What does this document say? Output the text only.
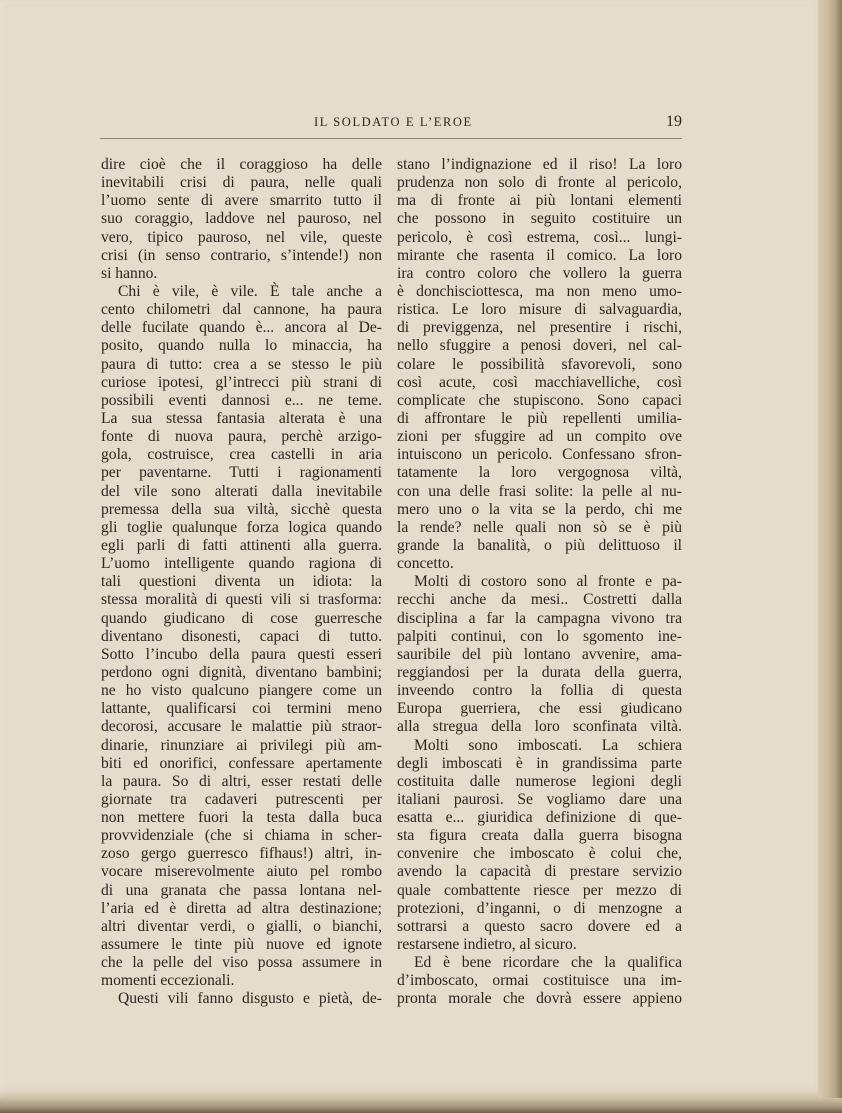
IL SOLDATO E L’EROE	19
dire cioè che il coraggioso ha delle
inevitabili crisi di paura, nelle quali
l’uomo sente di avere smarrito tutto il
suo coraggio, laddove nel pauroso, nel
vero, tipico pauroso, nel vile, queste
crisi (in senso contrario, s’intende!) non
si hanno.
Chi è vile, è vile. È tale anche a
cento chilometri dal cannone, ha paura
delle fucilate quando è... ancora al De-
posito, quando nulla lo minaccia, ha
paura di tutto: crea a se stesso le più
curiose ipotesi, gl’intrecci più strani di
possibili eventi dannosi e... ne teme.
La sua stessa fantasia alterata è una
fonte di nuova paura, perchè arzigo-
gola, costruisce, crea castelli in aria
per paventarne. Tutti i ragionamenti
del vile sono alterati dalla inevitabile
premessa della sua viltà, sicchè questa
gli toglie qualunque forza logica quando
egli parli di fatti attinenti alla guerra.
L’uomo intelligente quando ragiona di
tali questioni diventa un idiota: la
stessa moralità di questi vili si trasforma:
quando giudicano di cose guerresche
diventano disonesti, capaci di tutto.
Sotto l’incubo della paura questi esseri
perdono ogni dignità, diventano bambini;
ne ho visto qualcuno piangere come un
lattante, qualificarsi coi termini meno
decorosi, accusare le malattie più straor-
dinarie, rinunziare ai privilegi più am-
biti ed onorifici, confessare apertamente
la paura. So di altri, esser restati delle
giornate tra cadaveri putrescenti per
non mettere fuori la testa dalla buca
provvidenziale (che si chiama in scher-
zoso gergo guerresco fifhaus!) altri, in-
vocare miserevolmente aiuto pel rombo
di una granata che passa lontana nel-
l’aria ed è diretta ad altra destinazione;
altri diventar verdi, o gialli, o bianchi,
assumere le tinte più nuove ed ignote
che la pelle del viso possa assumere in
momenti eccezionali.
Questi vili fanno disgusto e pietà, de-
stano l’indignazione ed il riso! La loro
prudenza non solo di fronte al pericolo,
ma di fronte ai più lontani elementi
che possono in seguito costituire un
pericolo, è così estrema, così... lungi-
mirante che rasenta il comico. La loro
ira contro coloro che vollero la guerra
è donchisciottesca, ma non meno umo-
ristica. Le loro misure di salvaguardia,
di previggenza, nel presentire i rischi,
nello sfuggire a penosi doveri, nel cal-
colare le possibilità sfavorevoli, sono
così acute, così macchiavelliche, così
complicate che stupiscono. Sono capaci
di affrontare le più repellenti umilia-
zioni per sfuggire ad un compito ove
intuiscono un pericolo. Confessano sfron-
tatamente la loro vergognosa viltà,
con una delle frasi solite: la pelle al nu-
mero uno o la vita se la perdo, chi me
la rende? nelle quali non sò se è più
grande la banalità, o più delittuoso il
concetto.
Molti di costoro sono al fronte e pa-
recchi anche da mesi.. Costretti dalla
disciplina a far la campagna vivono tra
palpiti continui, con lo sgomento ine-
sauribile del più lontano avvenire, ama-
reggiandosi per la durata della guerra,
inveendo contro la follia di questa
Europa guerriera, che essi giudicano
alla stregua della loro sconfinata viltà.
Molti sono imboscati. La schiera
degli imboscati è in grandissima parte
costituita dalle numerose legioni degli
italiani paurosi. Se vogliamo dare una
esatta e... giuridica definizione di que-
sta figura creata dalla guerra bisogna
convenire che imboscato è colui che,
avendo la capacità di prestare servizio
quale combattente riesce per mezzo di
protezioni, d’inganni, o di menzogne a
sottrarsi a questo sacro dovere ed a
restarsene indietro, al sicuro.
Ed è bene ricordare che la qualifica
d’imboscato, ormai costituisce una im-
pronta morale che dovrà essere appieno
